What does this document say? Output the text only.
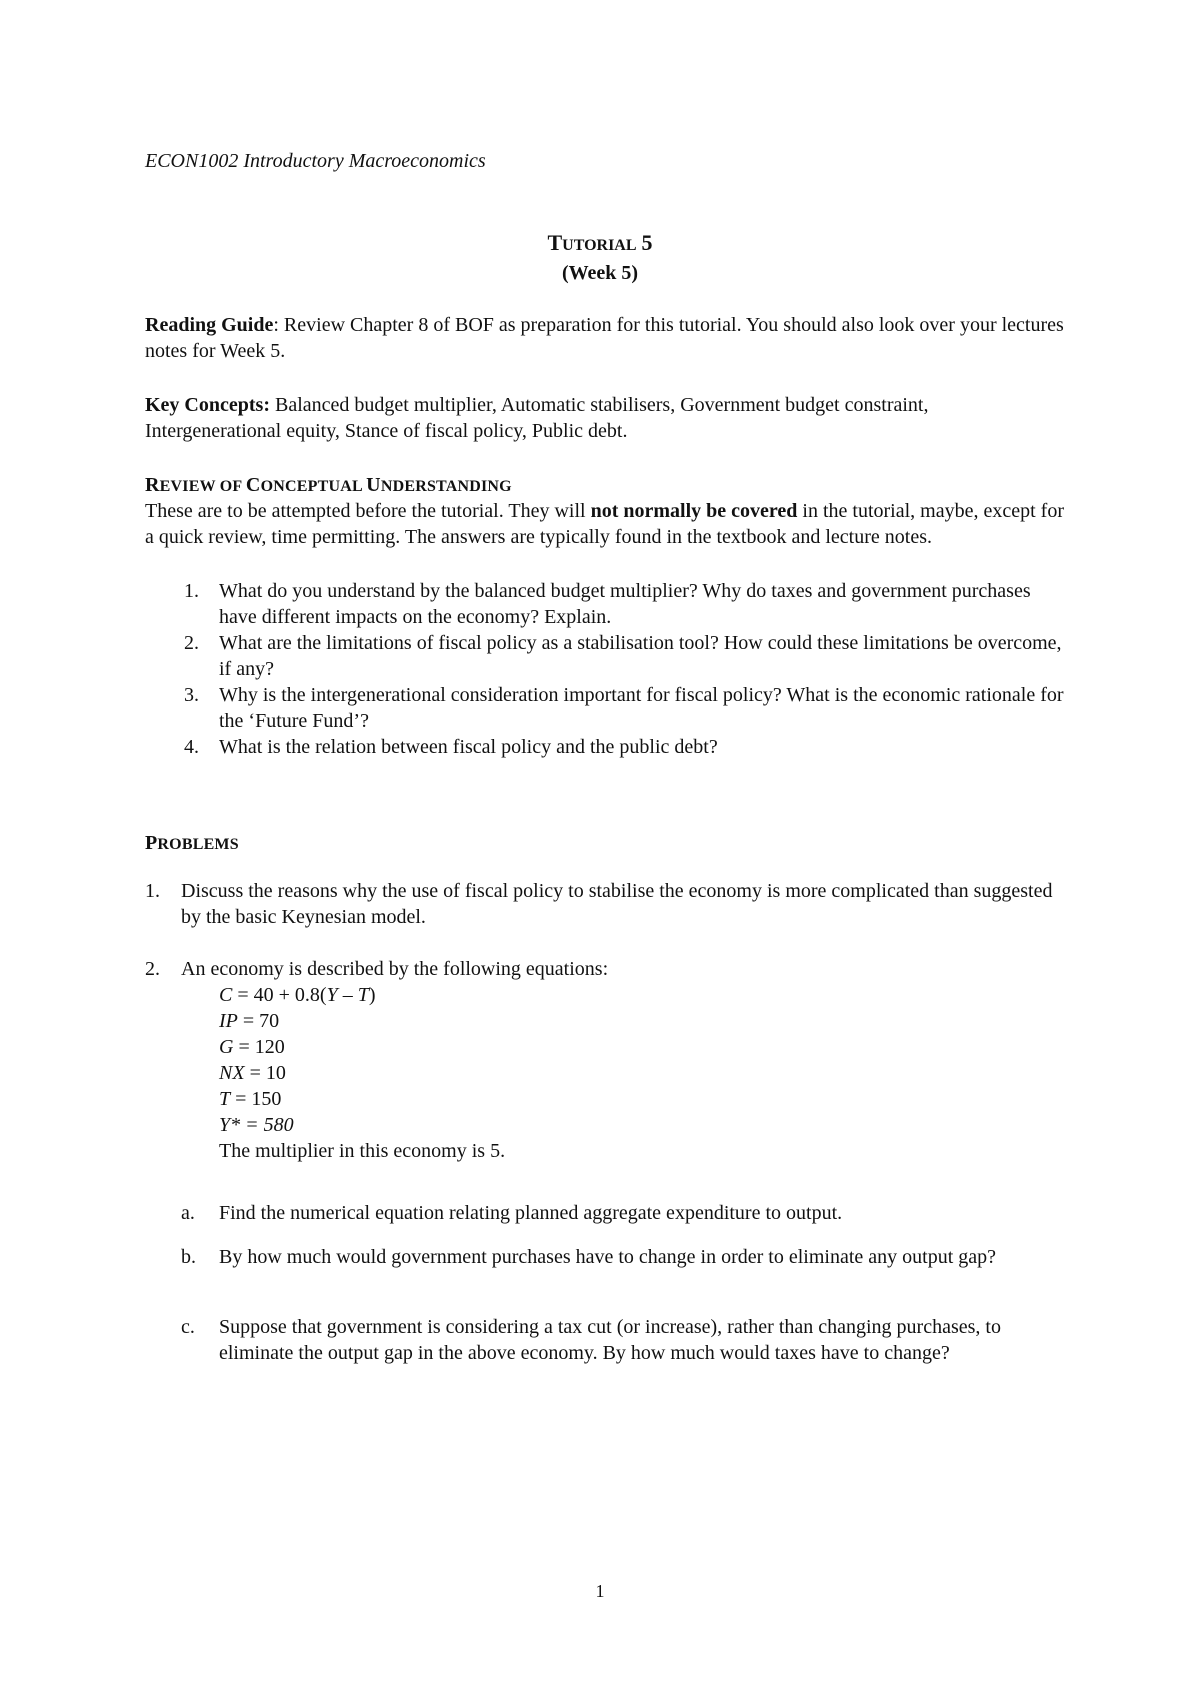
ECON1002 Introductory Macroeconomics
TUTORIAL 5
(Week 5)
Reading Guide: Review Chapter 8 of BOF as preparation for this tutorial. You should also look over your lectures notes for Week 5.
Key Concepts: Balanced budget multiplier, Automatic stabilisers, Government budget constraint, Intergenerational equity, Stance of fiscal policy, Public debt.
REVIEW OF CONCEPTUAL UNDERSTANDING
These are to be attempted before the tutorial. They will not normally be covered in the tutorial, maybe, except for a quick review, time permitting. The answers are typically found in the textbook and lecture notes.
1.	What do you understand by the balanced budget multiplier? Why do taxes and government purchases have different impacts on the economy? Explain.
2.	What are the limitations of fiscal policy as a stabilisation tool? How could these limitations be overcome, if any?
3.	Why is the intergenerational consideration important for fiscal policy? What is the economic rationale for the ‘Future Fund’?
4.	What is the relation between fiscal policy and the public debt?
PROBLEMS
1.	Discuss the reasons why the use of fiscal policy to stabilise the economy is more complicated than suggested by the basic Keynesian model.
2.	An economy is described by the following equations:
C = 40 + 0.8(Y – T)
IP = 70
G = 120
NX = 10
T = 150
Y* = 580
The multiplier in this economy is 5.
a.	Find the numerical equation relating planned aggregate expenditure to output.
b.	By how much would government purchases have to change in order to eliminate any output gap?
c.	Suppose that government is considering a tax cut (or increase), rather than changing purchases, to eliminate the output gap in the above economy. By how much would taxes have to change?
1
